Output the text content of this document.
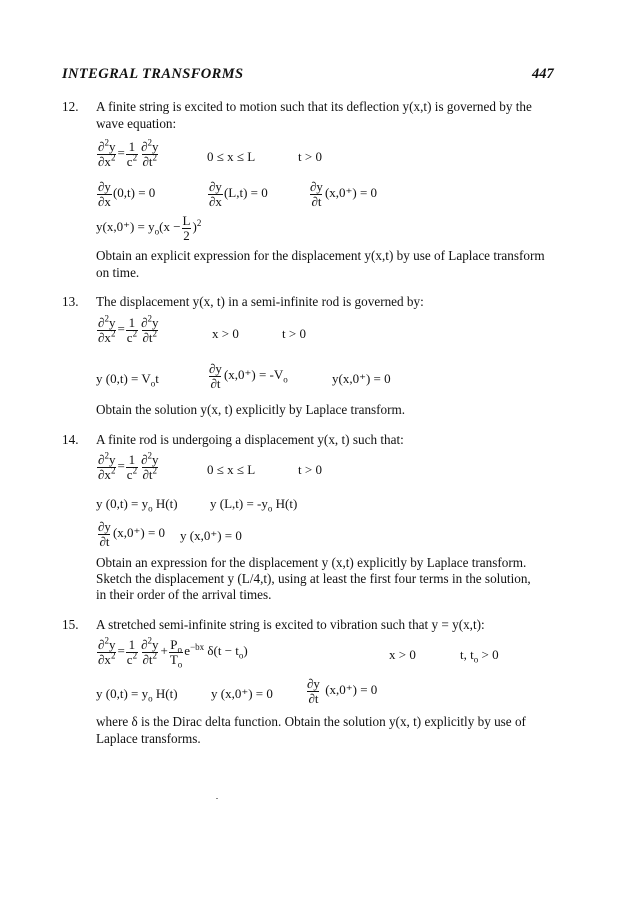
INTEGRAL TRANSFORMS	447
12. A finite string is excited to motion such that its deflection y(x,t) is governed by the
wave equation:
$\frac{\partial^2y}{\partial x^2} = \frac{1}{c^2} \frac{\partial^2y}{\partial t^2}$	0 ≤ x ≤ L	t > 0
$\frac{\partial y}{\partial x} (0,t) = 0$	$\frac{\partial y}{\partial x} (L,t) = 0$	$\frac{\partial y}{\partial t} (x,0^+) = 0$
$y(x,0^+) = y_o(x - \frac{L}{2} )^2$
Obtain an explicit expression for the displacement y(x,t) by use of Laplace transform
on time.
13. The displacement y(x, t) in a semi-infinite rod is governed by:
$\frac{\partial^2y}{\partial x^2} = \frac{1}{c^2} \frac{\partial^2y}{\partial t^2}$	x > 0	t > 0
y $(0,t) = V_ot$	$\frac{\partial y}{\partial t} (x,0^+) = -V_o$	y(x,0⁺) = 0
Obtain the solution y(x, t) explicitly by Laplace transform.
14. A finite rod is undergoing a displacement y(x, t) such that:
$\frac{\partial^2y}{\partial x^2} = \frac{1}{c^2} \frac{\partial^2y}{\partial t^2}$	0 ≤ x ≤ L	t > 0
y $(0,t) = y_o$ H(t) y $(L,t) = -y_o$ H(t)
$\frac{\partial y}{\partial t} (x,0^+) = 0$ y (x,0⁺) = 0
Obtain an expression for the displacement y (x,t) explicitly by Laplace transform.
Sketch the displacement y (L/4,t), using at least the first four terms in the solution,
in their order of the arrival times.
15. A stretched semi-infinite string is excited to vibration such that y = y(x,t):
$\frac{\partial^2y}{\partial x^2} = \frac{1}{c^2} \frac{\partial^2y}{\partial t^2} + \frac{P_o}{T_o} e^{-bx}$ $\delta(t - t_o)$	x > 0	t, $t_o > 0$
y $(0,t) = y_o$ H(t)	y (x,0⁺) = 0	$\frac{\partial y}{\partial t} (x,0^+) = 0$
where δ is the Dirac delta function. Obtain the solution y(x, t) explicitly by use of
Laplace transforms.
